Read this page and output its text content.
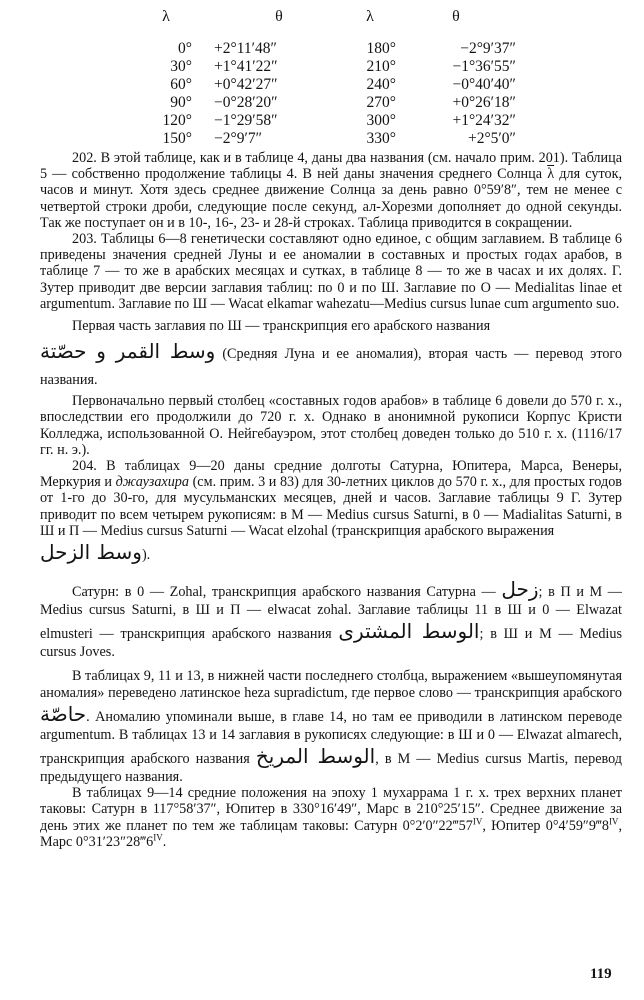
λ	θ	λ	θ
0°	+2°11′48″	180°	−2°9′37″
30°	+1°41′22″	210°	−1°36′55″
60°	+0°42′27″	240°	−0°40′40″
90°	−0°28′20″	270°	+0°26′18″
120°	−1°29′58″	300°	+1°24′32″
150°	−2°9′7″	330°	+2°5′0″

202. В этой таблице, как и в таблице 4, даны два названия (см. начало прим. 201). Таблица 5 — собственно продолжение таблицы 4. В ней даны значения среднего Солнца $\overline{\lambda}$ для суток, часов и минут. Хотя здесь среднее движение Солнца за день равно 0°59′8″, тем не менее с четвертой строки дроби, следующие после секунд, ал-Хорезми дополняет до одной секунды. Так же поступает он и в 10-, 16-, 23- и 28-й строках. Таблица приводится в сокращении.

203. Таблицы 6—8 генетически составляют одно единое, с общим заглавием. В таблице 6 приведены значения средней Луны и ее аномалии в составных и простых годах арабов, в таблице 7 — то же в арабских месяцах и сутках, в таблице 8 — то же в часах и их долях. Г. Зутер приводит две версии заглавия таблиц: по 0 и по Ш. Заглавие по О — Medialitas linae et argumentum. Заглавие по Ш — Wacat elkamar wahezatu—Medius cursus lunae cum argumento suo.

Первая часть заглавия по Ш — транскрипция его арабского названия

وسط القمر و حصّتة (Средняя Луна и ее аномалия), вторая часть — перевод этого названия.

Первоначально первый столбец «составных годов арабов» в таблице 6 довели до 570 г. х., впоследствии его продолжили до 720 г. х. Однако в анонимной рукописи Корпус Кристи Колледжа, использованной О. Нейгебауэром, этот столбец доведен только до 510 г. х. (1116/17 гг. н. э.).

204. В таблицах 9—20 даны средние долготы Сатурна, Юпитера, Марса, Венеры, Меркурия и джаузахира (см. прим. 3 и 83) для 30-летних циклов до 570 г. х., для простых годов от 1-го до 30-го, для мусульманских месяцев, дней и часов. Заглавие таблицы 9 Г. Зутер приводит по всем четырем рукописям: в М — Medius cursus Saturni, в 0 — Madialitas Saturni, в Ш и П — Medius cursus Saturni — Wacat elzohal (транскрипция арабского выражения

وسط الزحل).

Сатурн: в 0 — Zohal, транскрипция арабского названия Сатурна — زحل; в П и М — Medius cursus Saturni, в Ш и П — elwacat zohal. Заглавие таблицы 11 в Ш и 0 — Elwazat elmusteri — транскрипция арабского названия الوسط المشترى; в Ш и М — Medius cursus Joves.

В таблицах 9, 11 и 13, в нижней части последнего столбца, выражением «вышеупомянутая аномалия» переведено латинское heza supradictum, где первое слово — транскрипция арабского حاصّة. Аномалию упоминали выше, в главе 14, но там ее приводили в латинском переводе argumentum. В таблицах 13 и 14 заглавия в рукописях следующие: в Ш и 0 — Elwazat almarech, транскрипция арабского названия الوسط المريخ, в М — Medius cursus Martis, перевод предыдущего названия.

В таблицах 9—14 средние положения на эпоху 1 мухаррама 1 г. х. трех верхних планет таковы: Сатурн в 117°58′37″, Юпитер в 330°16′49″, Марс в 210°25′15″. Среднее движение за день этих же планет по тем же таблицам таковы: Сатурн $0^\circ 2'0''22‴57^{IV}$, Юпитер $0^\circ 4'59''9‴8^{IV}$, Марс $0^\circ 31'23''28‴6^{IV}$.

119
